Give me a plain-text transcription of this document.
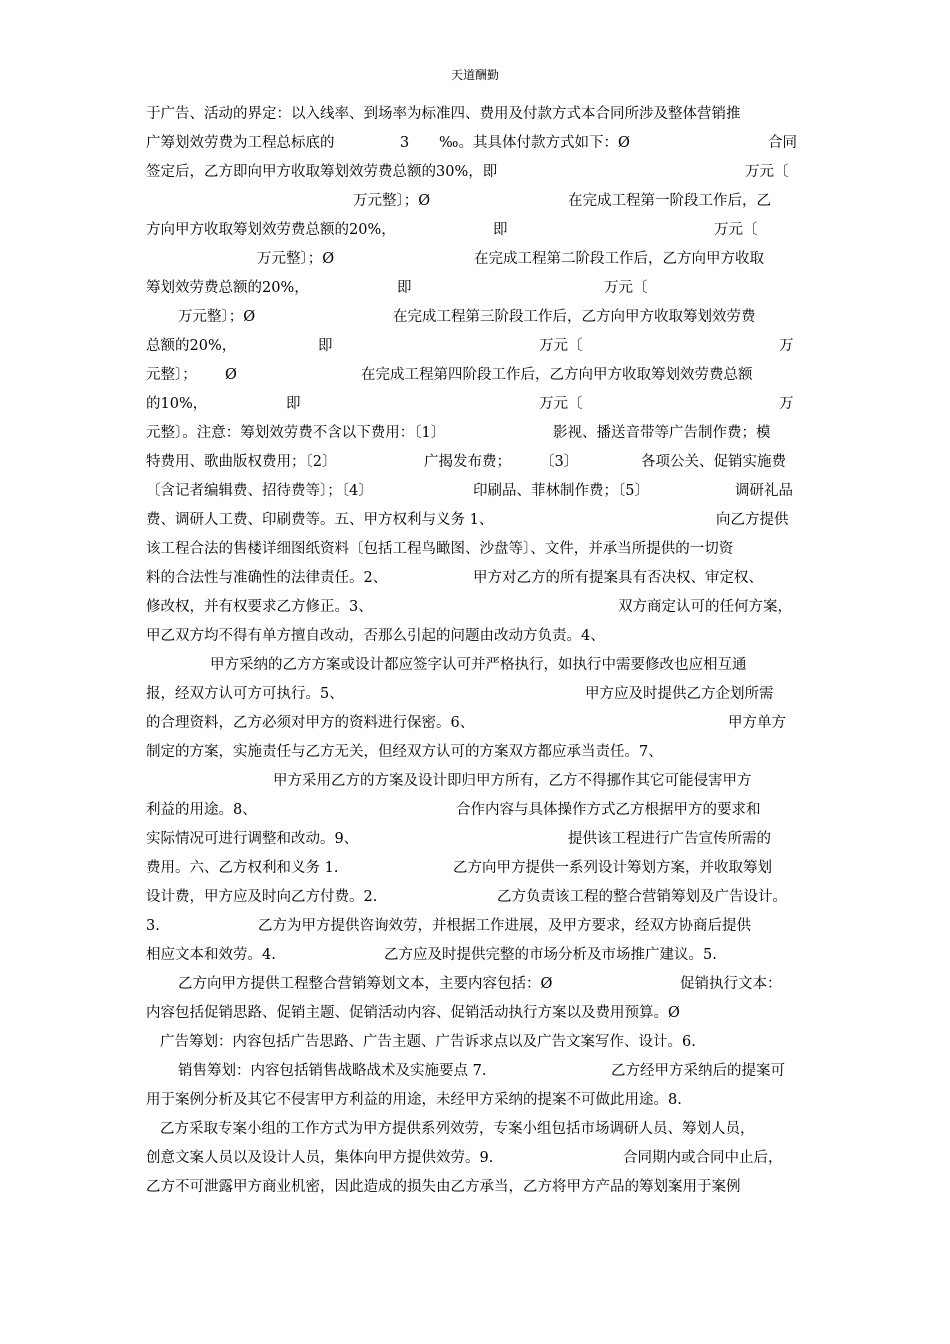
天道酬勤
于广告、活动的界定：以入线率、到场率为标准四、费用及付款方式本合同所涉及整体营销推
广筹划效劳费为工程总标底的	3 ‰。其具体付款方式如下：Ø	合同
签定后，乙方即向甲方收取筹划效劳费总额的30%，即	万元〔
万元整〕；Ø	在完成工程第一阶段工作后，乙
方向甲方收取筹划效劳费总额的20%，	即	万元〔
万元整〕；Ø	在完成工程第二阶段工作后，乙方向甲方收取
筹划效劳费总额的20%，	即	万元〔
万元整〕；Ø	在完成工程第三阶段工作后，乙方向甲方收取筹划效劳费
总额的20%，	即	万元〔	万
元整〕； Ø	在完成工程第四阶段工作后，乙方向甲方收取筹划效劳费总额
的10%，	即	万元〔	万
元整〕。注意：筹划效劳费不含以下费用：〔1〕	影视、播送音带等广告制作费；模
特费用、歌曲版权费用；〔2〕	广揭发布费； 〔3〕	各项公关、促销实施费
〔含记者编辑费、招待费等〕；〔4〕	印刷品、菲林制作费；〔5〕	调研礼品
费、调研人工费、印刷费等。五、甲方权利与义务 1、	向乙方提供
该工程合法的售楼详细图纸资料〔包括工程鸟瞰图、沙盘等〕、文件，并承当所提供的一切资
料的合法性与准确性的法律责任。2、	甲方对乙方的所有提案具有否决权、审定权、
修改权，并有权要求乙方修正。3、	双方商定认可的任何方案，
甲乙双方均不得有单方擅自改动，否那么引起的问题由改动方负责。4、
甲方采纳的乙方方案或设计都应签字认可并严格执行，如执行中需要修改也应相互通
报，经双方认可方可执行。5、	甲方应及时提供乙方企划所需
的合理资料，乙方必须对甲方的资料进行保密。6、	甲方单方
制定的方案，实施责任与乙方无关，但经双方认可的方案双方都应承当责任。7、
甲方采用乙方的方案及设计即归甲方所有，乙方不得挪作其它可能侵害甲方
利益的用途。8、	合作内容与具体操作方式乙方根据甲方的要求和
实际情况可进行调整和改动。9、	提供该工程进行广告宣传所需的
费用。六、乙方权利和义务 1.	乙方向甲方提供一系列设计筹划方案，并收取筹划
设计费，甲方应及时向乙方付费。2.	乙方负责该工程的整合营销筹划及广告设计。
3.	乙方为甲方提供咨询效劳，并根据工作进展，及甲方要求，经双方协商后提供
相应文本和效劳。4.	乙方应及时提供完整的市场分析及市场推广建议。5.
乙方向甲方提供工程整合营销筹划文本，主要内容包括：Ø	促销执行文本：
内容包括促销思路、促销主题、促销活动内容、促销活动执行方案以及费用预算。Ø
广告筹划：内容包括广告思路、广告主题、广告诉求点以及广告文案写作、设计。6.
销售筹划：内容包括销售战略战术及实施要点 7.	乙方经甲方采纳后的提案可
用于案例分析及其它不侵害甲方利益的用途，未经甲方采纳的提案不可做此用途。8.
乙方采取专案小组的工作方式为甲方提供系列效劳，专案小组包括市场调研人员、筹划人员，
创意文案人员以及设计人员，集体向甲方提供效劳。9.	合同期内或合同中止后，
乙方不可泄露甲方商业机密，因此造成的损失由乙方承当，乙方将甲方产品的筹划案用于案例
